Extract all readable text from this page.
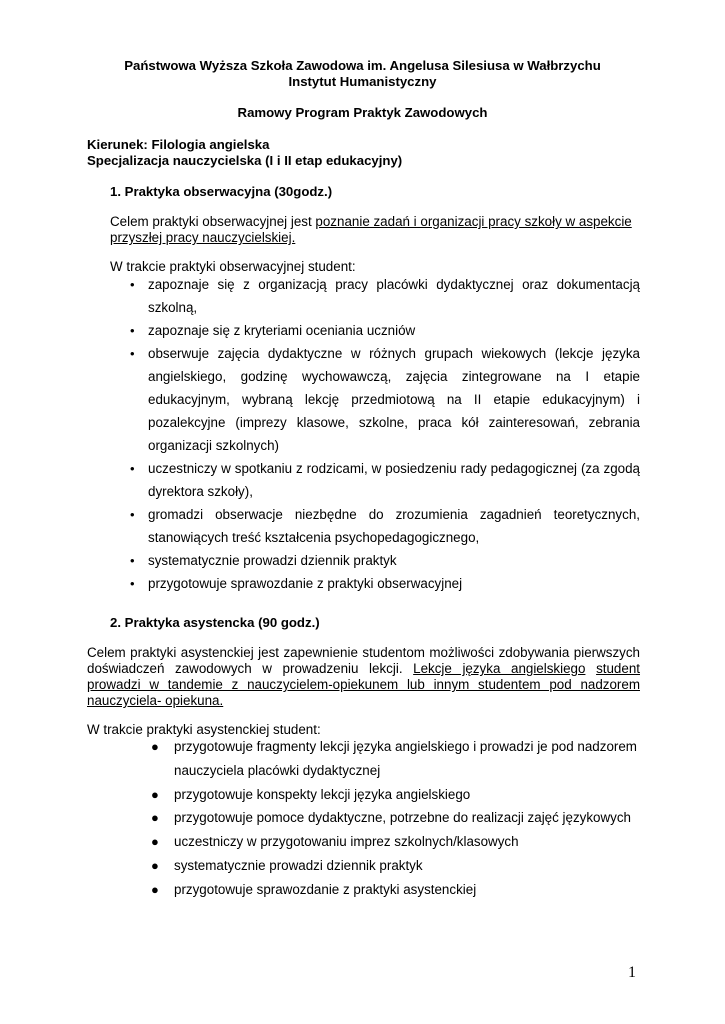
Państwowa Wyższa Szkoła Zawodowa im. Angelusa Silesiusa w Wałbrzychu
Instytut Humanistyczny
Ramowy Program Praktyk Zawodowych
Kierunek: Filologia angielska
Specjalizacja nauczycielska (I i II etap edukacyjny)
1. Praktyka obserwacyjna (30godz.)
Celem praktyki obserwacyjnej jest poznanie zadań i organizacji pracy szkoły w aspekcie przyszłej pracy nauczycielskiej.
W trakcie praktyki obserwacyjnej student:
• zapoznaje się z organizacją pracy placówki dydaktycznej oraz dokumentacją szkolną,
• zapoznaje się z kryteriami oceniania uczniów
• obserwuje zajęcia dydaktyczne w różnych grupach wiekowych (lekcje języka angielskiego, godzinę wychowawczą, zajęcia zintegrowane na I etapie edukacyjnym, wybraną lekcję przedmiotową na II etapie edukacyjnym) i pozalekcyjne (imprezy klasowe, szkolne, praca kół zainteresowań, zebrania organizacji szkolnych)
• uczestniczy w spotkaniu z rodzicami, w posiedzeniu rady pedagogicznej (za zgodą dyrektora szkoły),
• gromadzi obserwacje niezbędne do zrozumienia zagadnień teoretycznych, stanowiących treść kształcenia psychopedagogicznego,
• systematycznie prowadzi dziennik praktyk
• przygotowuje sprawozdanie z praktyki obserwacyjnej
2. Praktyka asystencka (90 godz.)
Celem praktyki asystenckiej jest zapewnienie studentom możliwości zdobywania pierwszych doświadczeń zawodowych w prowadzeniu lekcji. Lekcje języka angielskiego student prowadzi w tandemie z nauczycielem-opiekunem lub innym studentem pod nadzorem nauczyciela- opiekuna.
W trakcie praktyki asystenckiej student:
● przygotowuje fragmenty lekcji języka angielskiego i prowadzi je pod nadzorem nauczyciela placówki dydaktycznej
● przygotowuje konspekty lekcji języka angielskiego
● przygotowuje pomoce dydaktyczne, potrzebne do realizacji zajęć językowych
● uczestniczy w przygotowaniu imprez szkolnych/klasowych
● systematycznie prowadzi dziennik praktyk
● przygotowuje sprawozdanie z praktyki asystenckiej
1
